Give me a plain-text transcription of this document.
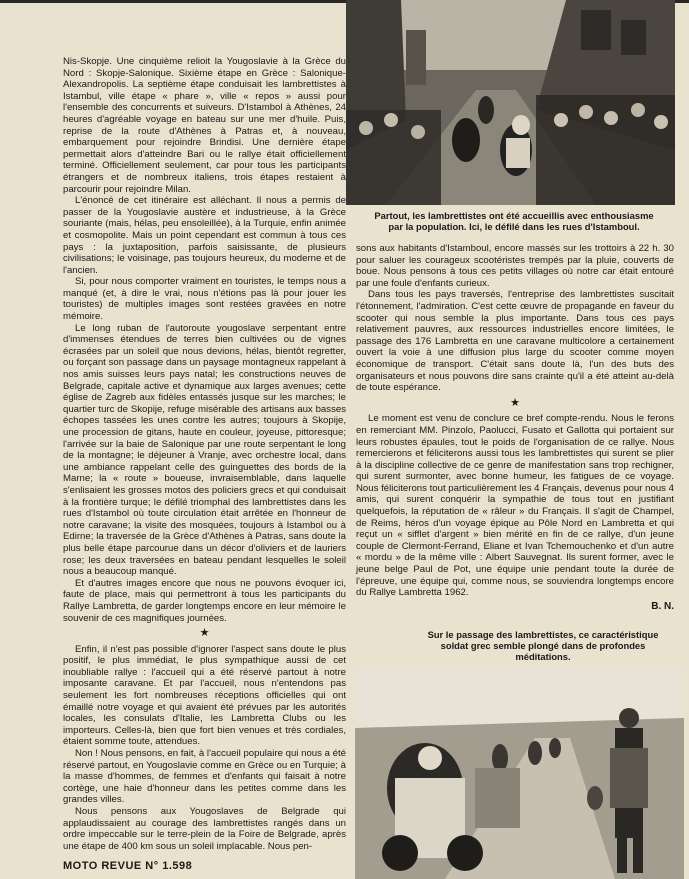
Partout, les lambrettistes ont été accueillis avec enthousiasme par la population. Ici, le défilé dans les rues d'Istamboul.

Nis-Skopje. Une cinquième relioit la Yougoslavie à la Grèce du Nord : Skopje-Salonique. Sixième étape en Grèce : Salonique-Alexandropolis. La septième étape conduisait les lambrettistes à Istambul, ville étape « phare », ville « repos » aussi pour l'ensemble des concurrents et suiveurs. D'Istambol à Athènes, 24 heures d'agréable voyage en bateau sur une mer d'huile. Puis, reprise de la route d'Athènes à Patras et, à nouveau, embarquement pour rejoindre Brindisi. Une dernière étape permettait alors d'atteindre Bari ou le rallye était officiellement terminé. Officiellement seulement, car pour tous les participants étrangers et de nombreux italiens, trois étapes restaient à parcourir pour rejoindre Milan.

L'énoncé de cet itinéraire est alléchant. Il nous a permis de passer de la Yougoslavie austère et industrieuse, à la Grèce souriante (mais, hélas, peu ensoleillée), à la Turquie, enfin animée et cosmopolite. Mais un point cependant est commun à tous ces pays : la juxtaposition, parfois saisissante, de plusieurs civilisations; le voisinage, pas toujours heureux, du moderne et de l'ancien.

Si, pour nous comporter vraiment en touristes, le temps nous a manqué (et, à dire le vrai, nous n'étions pas là pour jouer les touristes) de multiples images sont restées gravées en notre mémoire.

Le long ruban de l'autoroute yougoslave serpentant entre d'immenses étendues de terres bien cultivées ou de vignes écrasées par un soleil que nous devions, hélas, bientôt regretter, ou forçant son passage dans un paysage montagneux rappelant à nos amis suisses leurs pays natal; les constructions neuves de Belgrade, capitale active et dynamique aux larges avenues; cette église de Zagreb aux fidèles entassés jusque sur les marches; le quartier turc de Skopije, refuge misérable des artisans aux basses échopes tassées les unes contre les autres; toujours à Skopije, une procession de gitans, haute en couleur, joyeuse, pittoresque; l'arrivée sur la baie de Salonique par une route serpentant le long de la montagne; le déjeuner à Vranje, avec orchestre local, dans une ambiance rappelant celle des guinguettes des bords de la Marne; la « route » boueuse, invraisemblable, dans laquelle s'enlisaient les grosses motos des policiers grecs et qui conduisait à la frontière turque; le défilé triomphal des lambrettistes dans les rues d'Istambol où toute circulation était arrêtée en l'honneur de notre caravane; la visite des mosquées, toujours à Istambol ou à Edirne; la traversée de la Grèce d'Athènes à Patras, sans doute la plus belle étape parcourue dans un décor d'oliviers et de lauriers rose; les deux traversées en bateau pendant lesquelles le soleil nous a beaucoup manqué.

Et d'autres images encore que nous ne pouvons évoquer ici, faute de place, mais qui permettront à tous les participants du Rallye Lambretta, de garder longtemps encore en leur mémoire le souvenir de ces magnifiques journées.

★

Enfin, il n'est pas possible d'ignorer l'aspect sans doute le plus positif, le plus immédiat, le plus sympathique aussi de cet inoubliable rallye : l'accueil qui a été réservé partout à notre imposante caravane. Et par l'accueil, nous n'entendons pas seulement les fort nombreuses réceptions officielles qui ont émaillé notre voyage et qui avaient été prévues par les autorités locales, les consulats d'Italie, les Lambretta Clubs ou les importeurs. Celles-là, bien que fort bien venues et très cordiales, étaient somme toute, attendues.

Non ! Nous pensons, en fait, à l'accueil populaire qui nous a été réservé partout, en Yougoslavie comme en Grèce ou en Turquie; à la masse d'hommes, de femmes et d'enfants qui faisait à notre cortège, une haie d'honneur dans les petites comme dans les grandes villes.

Nous pensons aux Yougoslaves de Belgrade qui applaudissaient au courage des lambrettistes rangés dans un ordre impeccable sur le terre-plein de la Foire de Belgrade, après une étape de 400 km sous un soleil implacable. Nous pen-

sons aux habitants d'Istamboul, encore massés sur les trottoirs à 22 h. 30 pour saluer les courageux scootéristes trempés par la pluie, couverts de boue. Nous pensons à tous ces petits villages où notre car était entouré par une foule d'enfants curieux.

Dans tous les pays traversés, l'entreprise des lambrettistes suscitait l'étonnement, l'admiration. C'est cette œuvre de propagande en faveur du scooter qui nous semble la plus importante. Dans tous ces pays relativement pauvres, aux ressources industrielles encore limitées, le passage des 176 Lambretta en une caravane multicolore a certainement ouvert la voie à une diffusion plus large du scooter comme moyen économique de transport. C'était sans doute là, l'un des buts des organisateurs et nous pouvons dire sans crainte qu'il a été atteint au-delà de toute espérance.

★

Le moment est venu de conclure ce bref compte-rendu. Nous le ferons en remerciant MM. Pinzolo, Paolucci, Fusato et Gallotta qui portaient sur leurs robustes épaules, tout le poids de l'organisation de ce rallye. Nous remercierons et féliciterons aussi tous les lambrettistes qui surent se plier à la discipline collective de ce genre de manifestation sans trop rechigner, qui surent surmonter, avec bonne humeur, les fatigues de ce voyage. Nous féliciterons tout particulièrement les 4 Français, devenus pour nous 4 amis, qui surent conquérir la sympathie de tous tout en justifiant quelquefois, la réputation de « râleur » du Français. Il s'agit de Champel, de Reims, héros d'un voyage épique au Pôle Nord en Lambretta et qui reçut un « sifflet d'argent » bien mérité en fin de ce rallye, d'un jeune couple de Clermont-Ferrand, Eliane et Ivan Tchemouchenko et d'un autre « mordu » de la même ville : Albert Sauvegnat. Ils surent former, avec le jeune belge Paul de Pot, une équipe unie pendant toute la durée de l'épreuve, une équipe qui, comme nous, se souviendra longtemps encore du Rallye Lambretta 1962.

B. N.
Sur le passage des lambrettistes, ce caractéristique soldat grec semble plongé dans de profondes méditations.
MOTO REVUE N° 1.598
